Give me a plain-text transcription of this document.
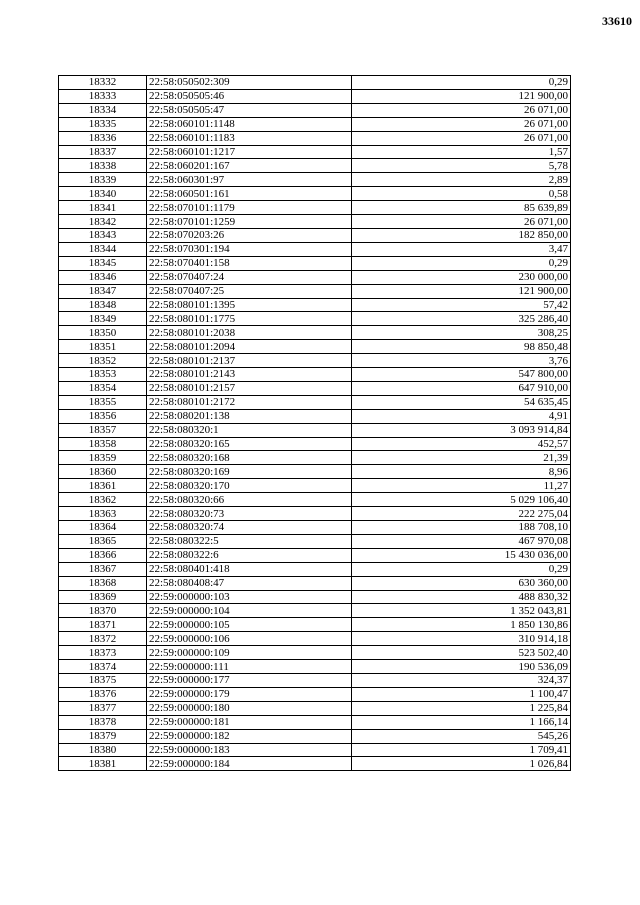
33610
18332	22:58:050502:309	0,29
18333	22:58:050505:46	121 900,00
18334	22:58:050505:47	26 071,00
18335	22:58:060101:1148	26 071,00
18336	22:58:060101:1183	26 071,00
18337	22:58:060101:1217	1,57
18338	22:58:060201:167	5,78
18339	22:58:060301:97	2,89
18340	22:58:060501:161	0,58
18341	22:58:070101:1179	85 639,89
18342	22:58:070101:1259	26 071,00
18343	22:58:070203:26	182 850,00
18344	22:58:070301:194	3,47
18345	22:58:070401:158	0,29
18346	22:58:070407:24	230 000,00
18347	22:58:070407:25	121 900,00
18348	22:58:080101:1395	57,42
18349	22:58:080101:1775	325 286,40
18350	22:58:080101:2038	308,25
18351	22:58:080101:2094	98 850,48
18352	22:58:080101:2137	3,76
18353	22:58:080101:2143	547 800,00
18354	22:58:080101:2157	647 910,00
18355	22:58:080101:2172	54 635,45
18356	22:58:080201:138	4,91
18357	22:58:080320:1	3 093 914,84
18358	22:58:080320:165	452,57
18359	22:58:080320:168	21,39
18360	22:58:080320:169	8,96
18361	22:58:080320:170	11,27
18362	22:58:080320:66	5 029 106,40
18363	22:58:080320:73	222 275,04
18364	22:58:080320:74	188 708,10
18365	22:58:080322:5	467 970,08
18366	22:58:080322:6	15 430 036,00
18367	22:58:080401:418	0,29
18368	22:58:080408:47	630 360,00
18369	22:59:000000:103	488 830,32
18370	22:59:000000:104	1 352 043,81
18371	22:59:000000:105	1 850 130,86
18372	22:59:000000:106	310 914,18
18373	22:59:000000:109	523 502,40
18374	22:59:000000:111	190 536,09
18375	22:59:000000:177	324,37
18376	22:59:000000:179	1 100,47
18377	22:59:000000:180	1 225,84
18378	22:59:000000:181	1 166,14
18379	22:59:000000:182	545,26
18380	22:59:000000:183	1 709,41
18381	22:59:000000:184	1 026,84
